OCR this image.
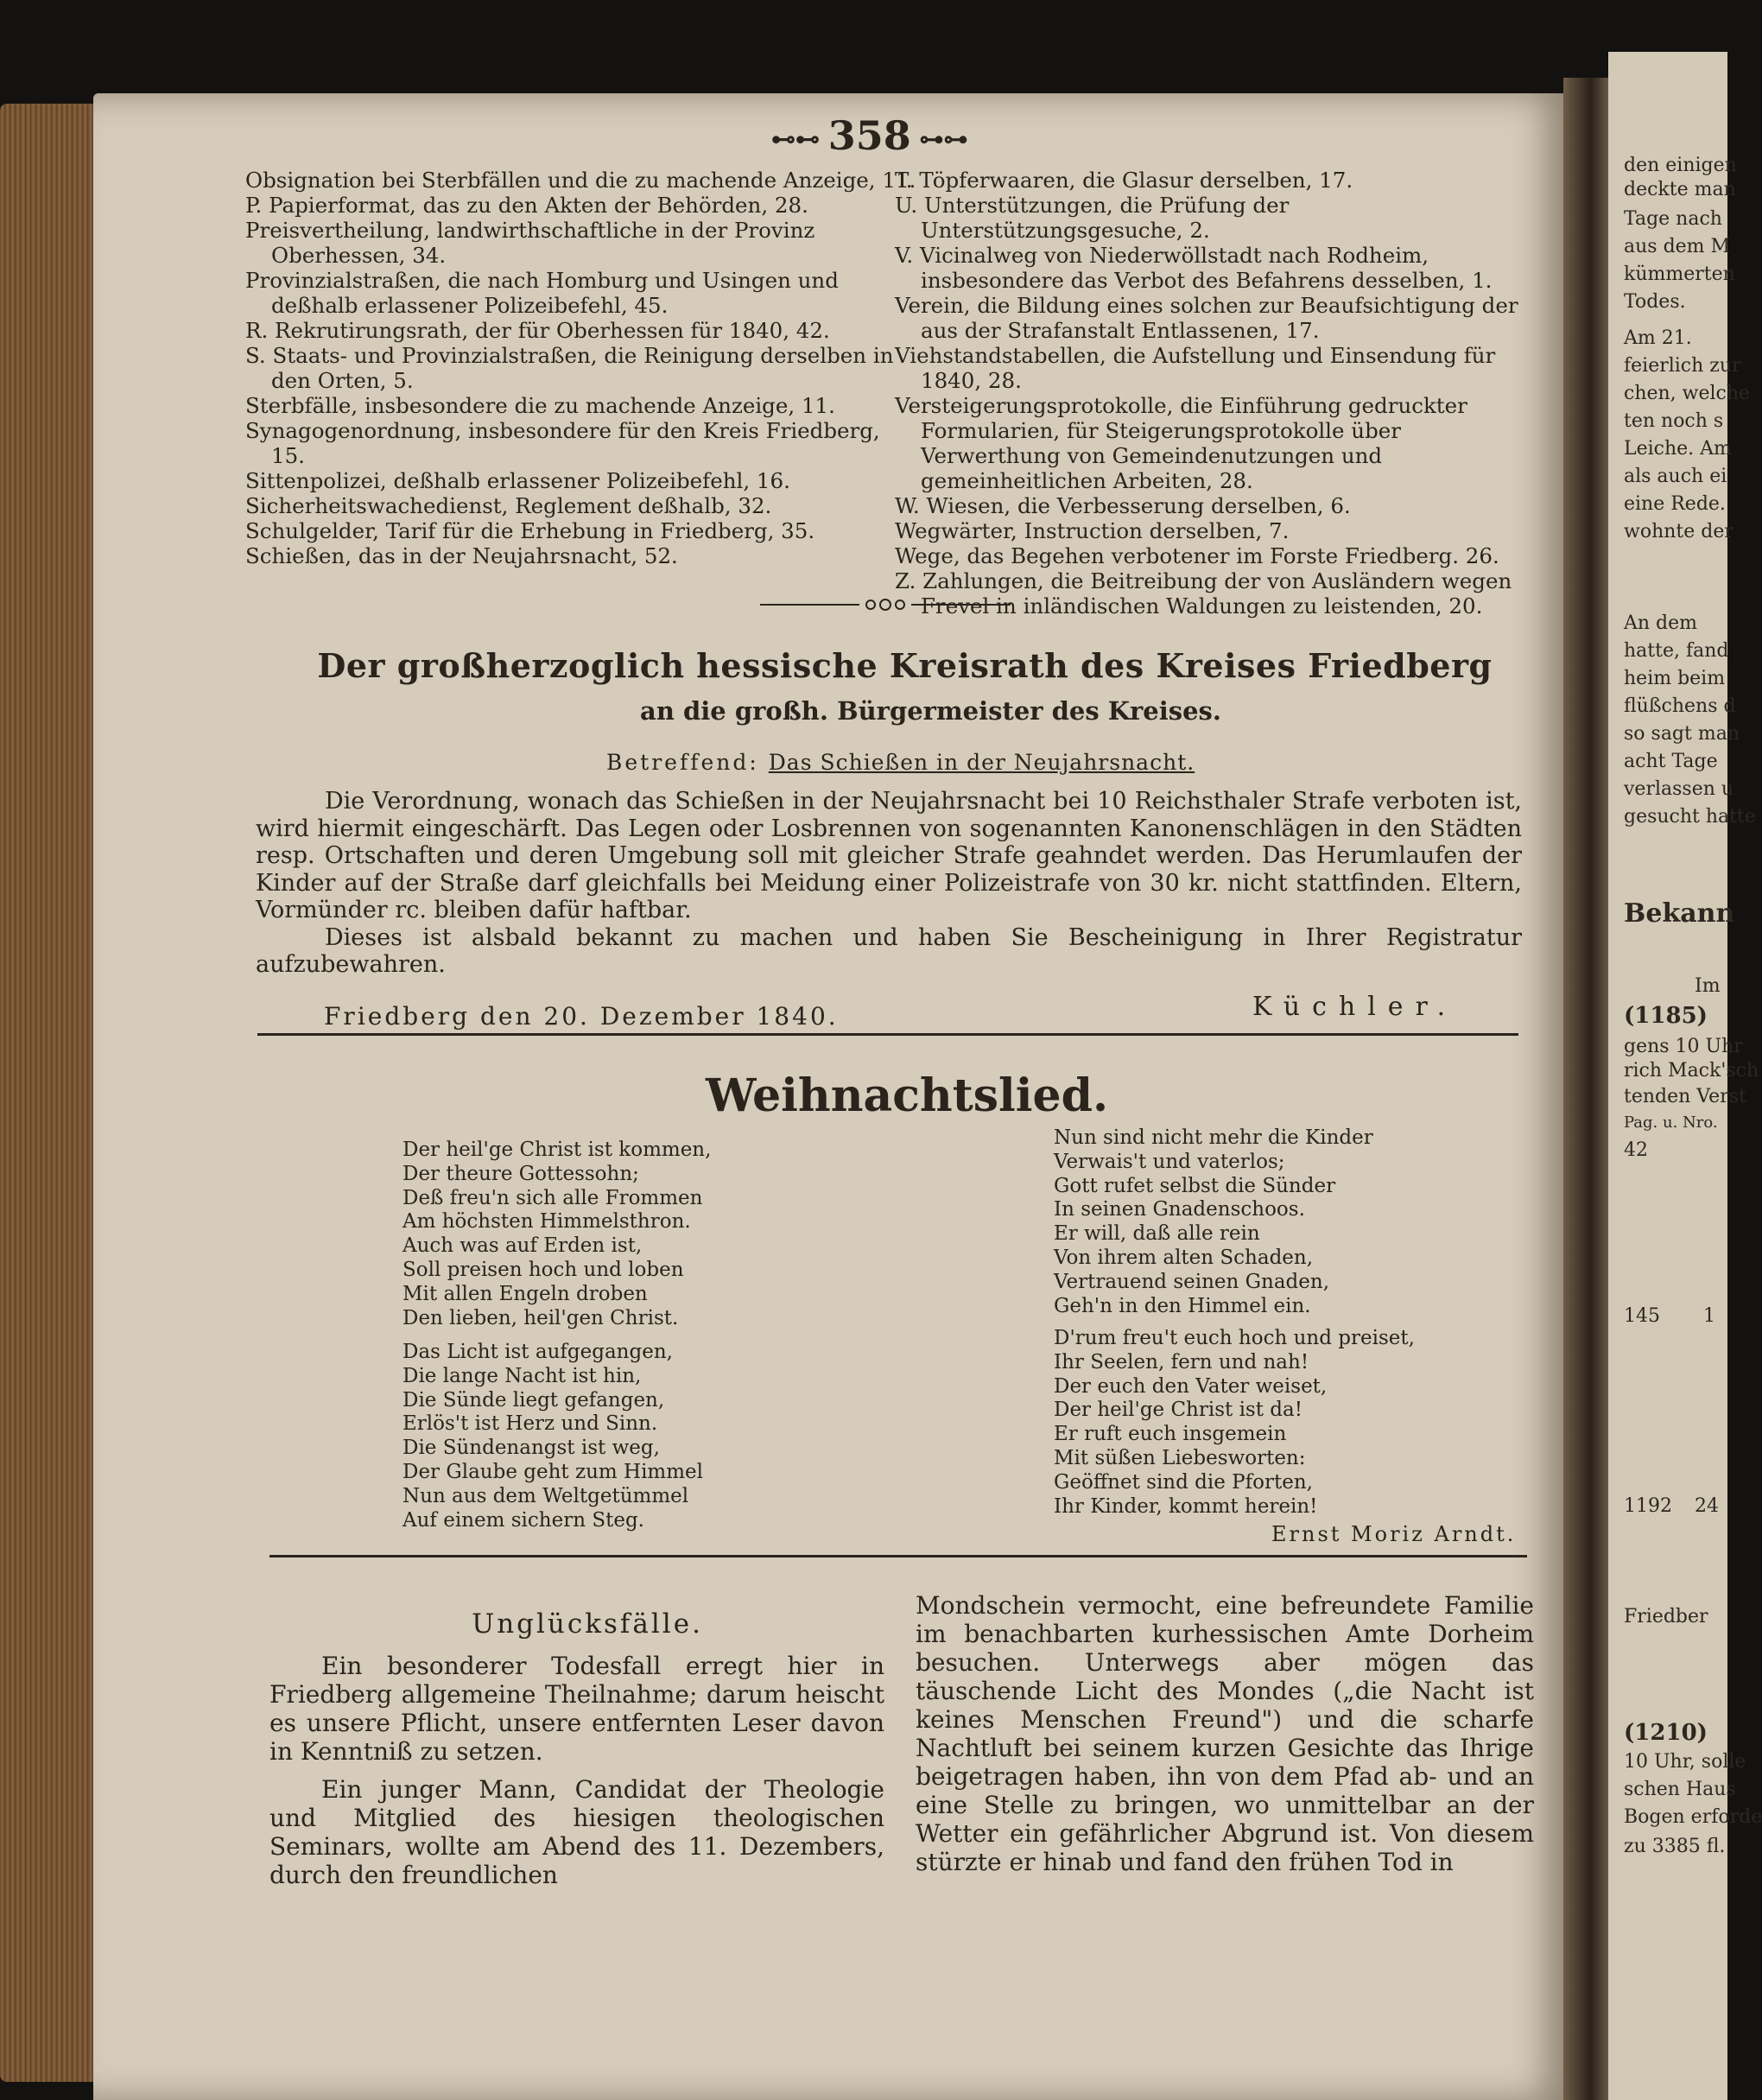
⊷⊷ 358 ⊶⊶
Obsignation bei Sterbfällen und die zu machende Anzeige, 11.
P. Papierformat, das zu den Akten der Behörden, 28.
Preisvertheilung, landwirthschaftliche in der Provinz Oberhessen, 34.
Provinzialstraßen, die nach Homburg und Usingen und deßhalb erlassener Polizeibefehl, 45.
R. Rekrutirungsrath, der für Oberhessen für 1840, 42.
S. Staats- und Provinzialstraßen, die Reinigung derselben in den Orten, 5.
Sterbfälle, insbesondere die zu machende Anzeige, 11.
Synagogenordnung, insbesondere für den Kreis Friedberg, 15.
Sittenpolizei, deßhalb erlassener Polizeibefehl, 16.
Sicherheitswachedienst, Reglement deßhalb, 32.
Schulgelder, Tarif für die Erhebung in Friedberg, 35.
Schießen, das in der Neujahrsnacht, 52.
T. Töpferwaaren, die Glasur derselben, 17.
U. Unterstützungen, die Prüfung der Unterstützungsgesuche, 2.
V. Vicinalweg von Niederwöllstadt nach Rodheim, insbesondere das Verbot des Befahrens desselben, 1.
Verein, die Bildung eines solchen zur Beaufsichtigung der aus der Strafanstalt Entlassenen, 17.
Viehstandstabellen, die Aufstellung und Einsendung für 1840, 28.
Versteigerungsprotokolle, die Einführung gedruckter Formularien, für Steigerungsprotokolle über Verwerthung von Gemeindenutzungen und gemeinheitlichen Arbeiten, 28.
W. Wiesen, die Verbesserung derselben, 6.
Wegwärter, Instruction derselben, 7.
Wege, das Begehen verbotener im Forste Friedberg. 26.
Z. Zahlungen, die Beitreibung der von Ausländern wegen Frevel in inländischen Waldungen zu leistenden, 20.
Der großherzoglich hessische Kreisrath des Kreises Friedberg
an die großh. Bürgermeister des Kreises.
Betreffend: Das Schießen in der Neujahrsnacht.

Die Verordnung, wonach das Schießen in der Neujahrsnacht bei 10 Reichsthaler Strafe verboten ist, wird hiermit eingeschärft. Das Legen oder Losbrennen von sogenannten Kanonenschlägen in den Städten resp. Ortschaften und deren Umgebung soll mit gleicher Strafe geahndet werden. Das Herumlaufen der Kinder auf der Straße darf gleichfalls bei Meidung einer Polizeistrafe von 30 kr. nicht stattfinden. Eltern, Vormünder rc. bleiben dafür haftbar.

Dieses ist alsbald bekannt zu machen und haben Sie Bescheinigung in Ihrer Registratur aufzubewahren.

Friedberg den 20. Dezember 1840.	Küchler.
Weihnachtslied.
Der heil'ge Christ ist kommen,
Der theure Gottessohn;
Deß freu'n sich alle Frommen
Am höchsten Himmelsthron.
Auch was auf Erden ist,
Soll preisen hoch und loben
Mit allen Engeln droben
Den lieben, heil'gen Christ.
Das Licht ist aufgegangen,
Die lange Nacht ist hin,
Die Sünde liegt gefangen,
Erlös't ist Herz und Sinn.
Die Sündenangst ist weg,
Der Glaube geht zum Himmel
Nun aus dem Weltgetümmel
Auf einem sichern Steg.
Nun sind nicht mehr die Kinder
Verwais't und vaterlos;
Gott rufet selbst die Sünder
In seinen Gnadenschoos.
Er will, daß alle rein
Von ihrem alten Schaden,
Vertrauend seinen Gnaden,
Geh'n in den Himmel ein.
D'rum freu't euch hoch und preiset,
Ihr Seelen, fern und nah!
Der euch den Vater weiset,
Der heil'ge Christ ist da!
Er ruft euch insgemein
Mit süßen Liebesworten:
Geöffnet sind die Pforten,
Ihr Kinder, kommt herein!
Ernst Moriz Arndt.
Unglücksfälle.

Ein besonderer Todesfall erregt hier in Friedberg allgemeine Theilnahme; darum heischt es unsere Pflicht, unsere entfernten Leser davon in Kenntniß zu setzen.

Ein junger Mann, Candidat der Theologie und Mitglied des hiesigen theologischen Seminars, wollte am Abend des 11. Dezembers, durch den freundlichen

Mondschein vermocht, eine befreundete Familie im benachbarten kurhessischen Amte Dorheim besuchen. Unterwegs aber mögen das täuschende Licht des Mondes („die Nacht ist keines Menschen Freund") und die scharfe Nachtluft bei seinem kurzen Gesichte das Ihrige beigetragen haben, ihn von dem Pfad ab- und an eine Stelle zu bringen, wo unmittelbar an der Wetter ein gefährlicher Abgrund ist. Von diesem stürzte er hinab und fand den frühen Tod in

den einigen
deckte man
Tage nach
aus dem M
kümmerten
Todes.
Am 21.
feierlich zur
chen, welche
ten noch s
Leiche. Am
als auch ei
eine Rede.
wohnte der
An dem
hatte, fand
heim beim
flüßchens d
so sagt man
acht Tage
verlassen u
gesucht hatte
Bekann
Im
(1185)
gens 10 Uhr
rich Mack'sch
tenden Verst
Pag. u. Nro.
42
145 1
1192 24
Friedber
(1210)
10 Uhr, solle
schen Haus
Bogen erforde
zu 3385 fl.
